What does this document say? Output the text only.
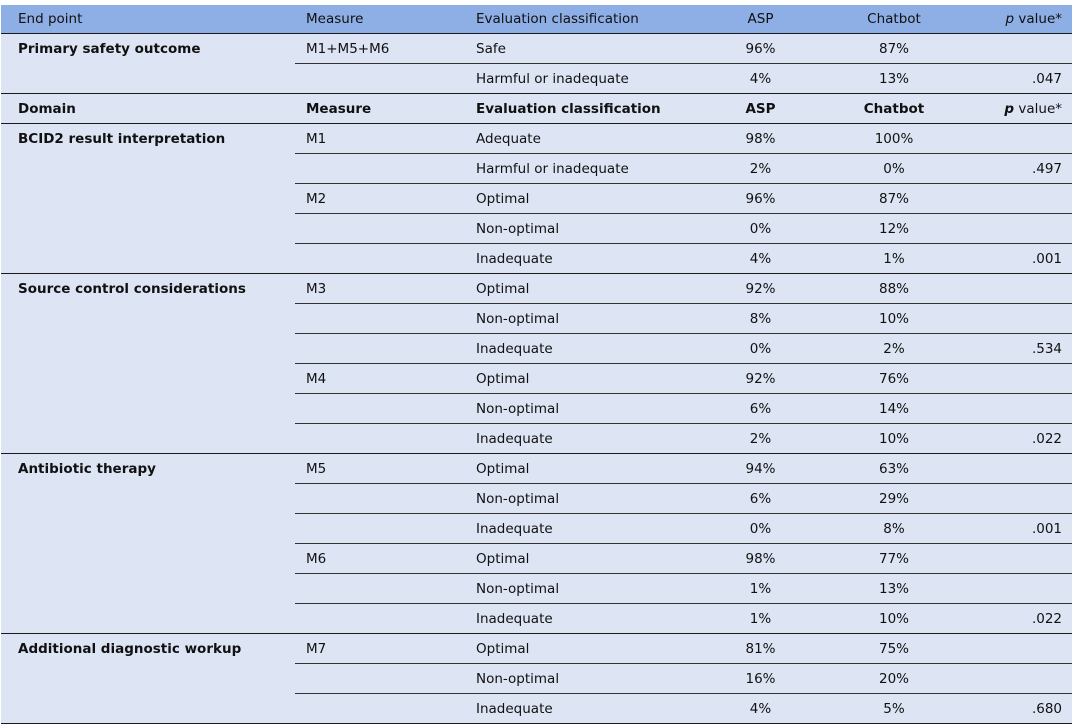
End point	Measure	Evaluation classification	ASP	Chatbot	p value*
Primary safety outcome	M1+M5+M6	Safe	96%	87%	
		Harmful or inadequate	4%	13%	.047
Domain	Measure	Evaluation classification	ASP	Chatbot	p value*
BCID2 result interpretation	M1	Adequate	98%	100%	
		Harmful or inadequate	2%	0%	.497
	M2	Optimal	96%	87%	
		Non-optimal	0%	12%	
		Inadequate	4%	1%	.001
Source control considerations	M3	Optimal	92%	88%	
		Non-optimal	8%	10%	
		Inadequate	0%	2%	.534
	M4	Optimal	92%	76%	
		Non-optimal	6%	14%	
		Inadequate	2%	10%	.022
Antibiotic therapy	M5	Optimal	94%	63%	
		Non-optimal	6%	29%	
		Inadequate	0%	8%	.001
	M6	Optimal	98%	77%	
		Non-optimal	1%	13%	
		Inadequate	1%	10%	.022
Additional diagnostic workup	M7	Optimal	81%	75%	
		Non-optimal	16%	20%	
		Inadequate	4%	5%	.680
